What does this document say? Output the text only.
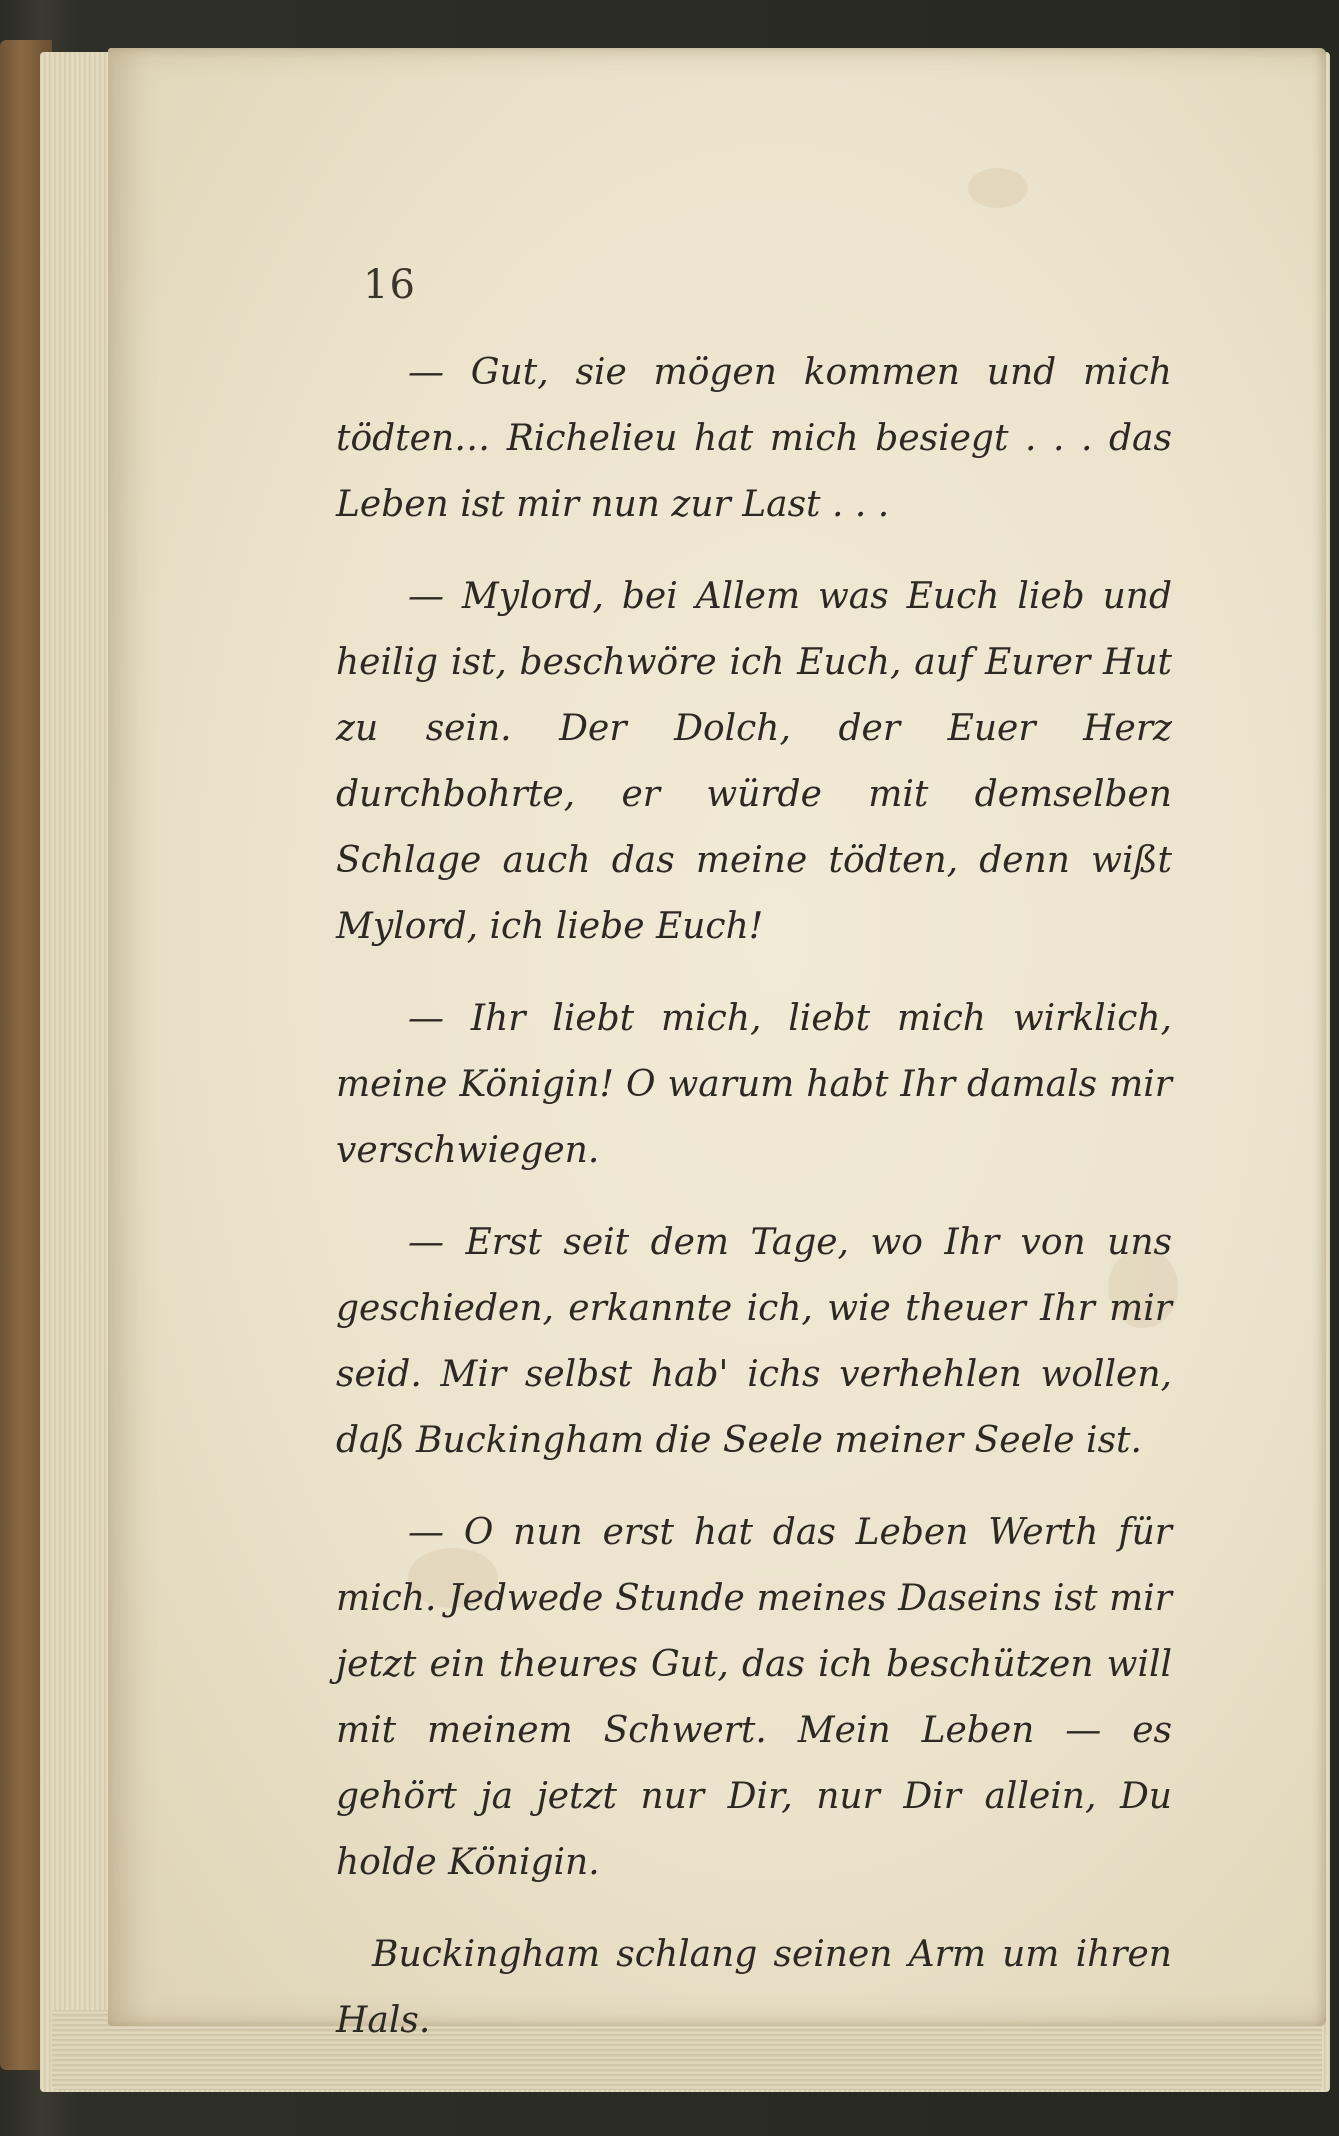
16

— Gut, sie mögen kommen und mich tödten… Richelieu hat mich besiegt . . . das Leben ist mir nun zur Last . . .

— Mylord, bei Allem was Euch lieb und heilig ist, beschwöre ich Euch, auf Eurer Hut zu sein. Der Dolch, der Euer Herz durchbohrte, er würde mit demselben Schlage auch das meine tödten, denn wißt Mylord, ich liebe Euch!

— Ihr liebt mich, liebt mich wirklich, meine Königin! O warum habt Ihr damals mir verschwiegen.

— Erst seit dem Tage, wo Ihr von uns geschieden, erkannte ich, wie theuer Ihr mir seid. Mir selbst hab' ichs verhehlen wollen, daß Buckingham die Seele meiner Seele ist.

— O nun erst hat das Leben Werth für mich. Jedwede Stunde meines Daseins ist mir jetzt ein theures Gut, das ich beschützen will mit meinem Schwert. Mein Leben — es gehört ja jetzt nur Dir, nur Dir allein, Du holde Königin.

Buckingham schlang seinen Arm um ihren Hals.
